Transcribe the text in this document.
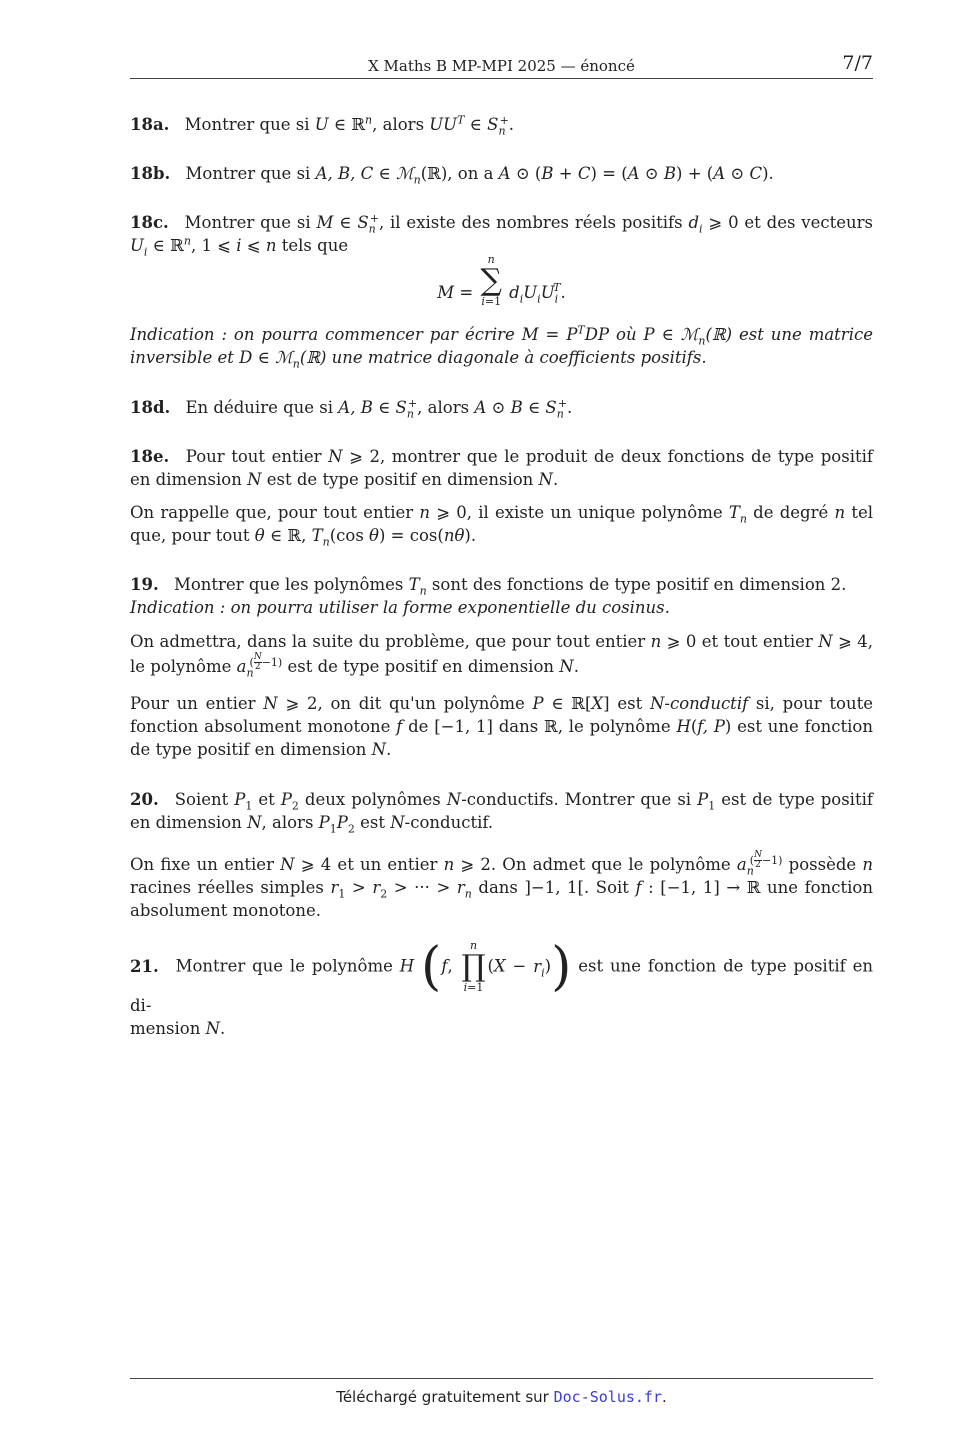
X Maths B MP-MPI 2025 — énoncé	7/7
18a. Montrer que si U ∈ ℝ$^n$, alors $UU^T$ ∈ $S_n^+$.
18b. Montrer que si A, B, C ∈ ℳ$_n$(ℝ), on a A ⊙ (B + C) = (A ⊙ B) + (A ⊙ C).
18c. Montrer que si M ∈ $S_n^+$, il existe des nombres réels positifs $d_i$ ⩾ 0 et des vecteurs $U_i$ ∈ ℝ$^n$, 1 ⩽ i ⩽ n tels que
M = n
∑
i=1 $d_iU_iU_i^T$.
Indication : on pourra commencer par écrire $M = P^TDP$ où P ∈ ℳ$_n$(ℝ) est une matrice inversible et D ∈ ℳ$_n$(ℝ) une matrice diagonale à coefficients positifs.
18d. En déduire que si A, B ∈ $S_n^+$, alors A ⊙ B ∈ $S_n^+$.
18e. Pour tout entier N ⩾ 2, montrer que le produit de deux fonctions de type positif en dimension N est de type positif en dimension N.
On rappelle que, pour tout entier n ⩾ 0, il existe un unique polynôme $T_n$ de degré n tel que, pour tout θ ∈ ℝ, $T_n(\cos$ θ) = cos(nθ).
19. Montrer que les polynômes $T_n$ sont des fonctions de type positif en dimension 2.
Indication : on pourra utiliser la forme exponentielle du cosinus.
On admettra, dans la suite du problème, que pour tout entier n ⩾ 0 et tout entier N ⩾ 4, le polynôme $a_n^{( \frac{N}{2} -1)}$ est de type positif en dimension N.
Pour un entier N ⩾ 2, on dit qu'un polynôme P ∈ ℝ[X] est N-conductif si, pour toute fonction absolument monotone f de [−1, 1] dans ℝ, le polynôme H(f, P) est une fonction de type positif en dimension N.
20. Soient $P_1$ et $P_2$ deux polynômes N-conductifs. Montrer que si $P_1$ est de type positif en dimension N, alors $P_1P_2$ est N-conductif.
On fixe un entier N ⩾ 4 et un entier n ⩾ 2. On admet que le polynôme $a_n^{( \frac{N}{2} -1)}$ possède n racines réelles simples $r_1 > r_2$ > ··· > $r_n$ dans ]−1, 1[. Soit f : [−1, 1] → ℝ une fonction absolument monotone.
21. Montrer que le polynôme H (f, n
∏
$i=1(X - r_i)$) est une fonction de type positif en di-
mension N.
Téléchargé gratuitement sur Doc-Solus.fr.
